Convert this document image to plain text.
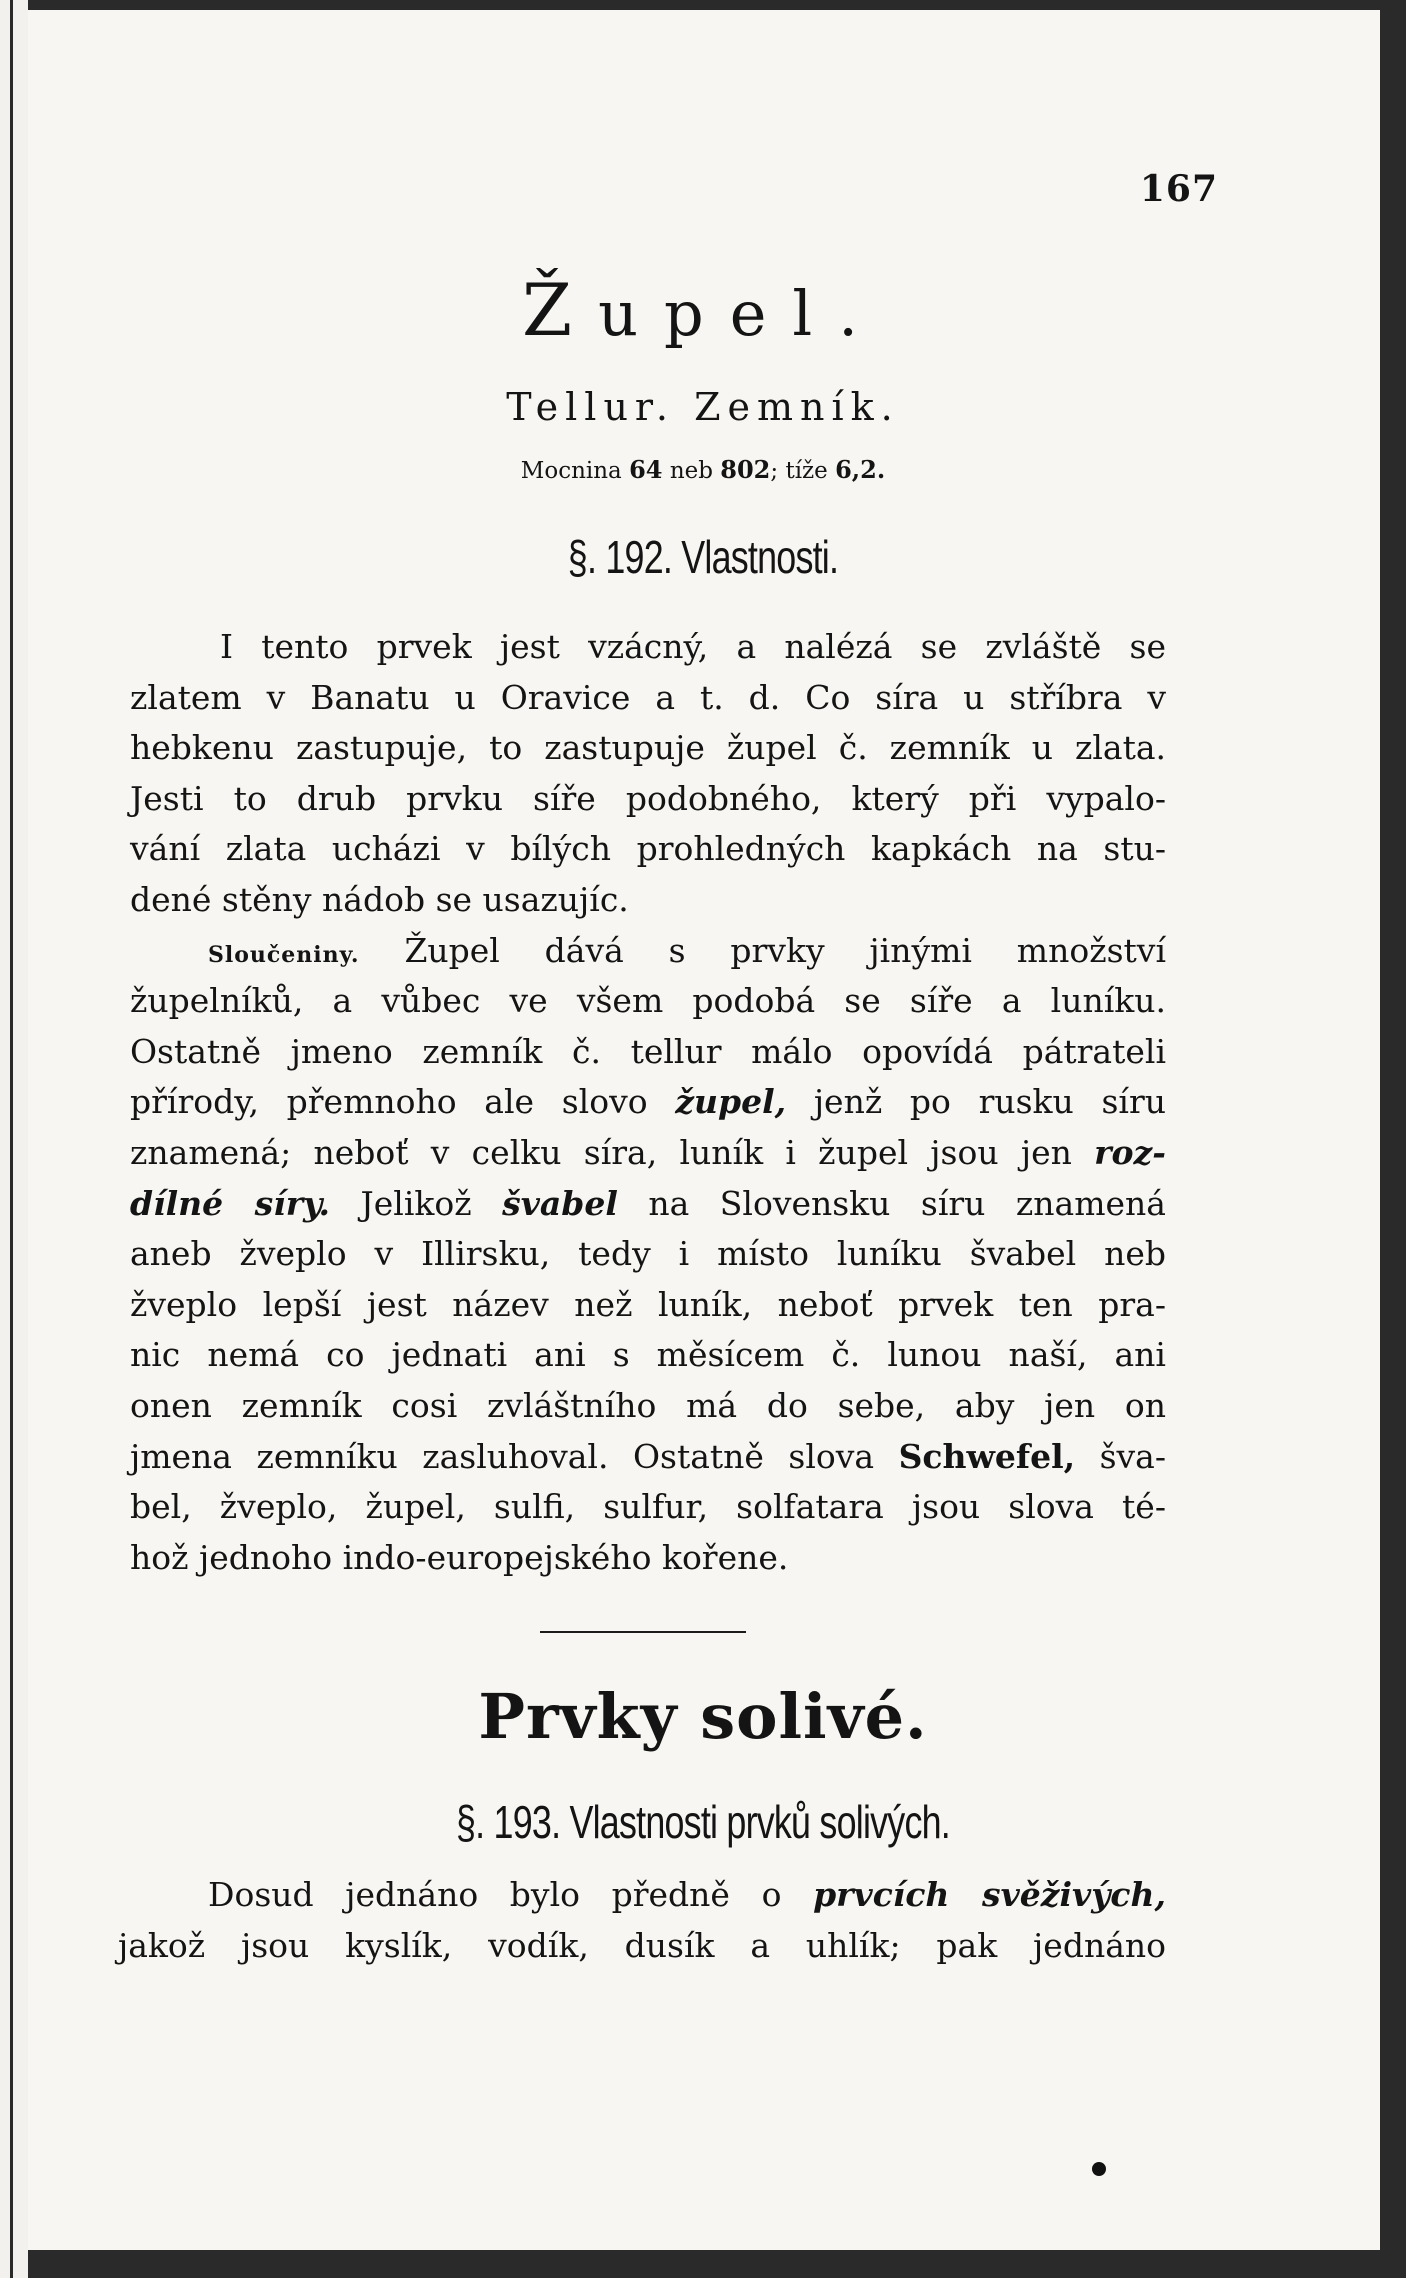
167
Župel.
Tellur. Zemník.
Mocnina 64 neb 802; tíže 6,2.
§. 192. Vlastnosti.
I tento prvek jest vzácný, a nalézá se zvláště se
zlatem v Banatu u Oravice a t. d. Co síra u stříbra v
hebkenu zastupuje, to zastupuje župel č. zemník u zlata.
Jesti to drub prvku síře podobného, který při vypalo-
vání zlata ucházi v bílých prohledných kapkách na stu-
dené stěny nádob se usazujíc.
Sloučeniny. Župel dává s prvky jinými množství
župelníků, a vůbec ve všem podobá se síře a luníku.
Ostatně jmeno zemník č. tellur málo opovídá pátrateli
přírody, přemnoho ale slovo župel, jenž po rusku síru
znamená; neboť v celku síra, luník i župel jsou jen roz-
dílné síry. Jelikož švabel na Slovensku síru znamená
aneb žveplo v Illirsku, tedy i místo luníku švabel neb
žveplo lepší jest název než luník, neboť prvek ten pra-
nic nemá co jednati ani s měsícem č. lunou naší, ani
onen zemník cosi zvláštního má do sebe, aby jen on
jmena zemníku zasluhoval. Ostatně slova Schwefel, šva-
bel, žveplo, župel, sulfi, sulfur, solfatara jsou slova té-
hož jednoho indo-europejského kořene.
Prvky solivé.
§. 193. Vlastnosti prvků solivých.
Dosud jednáno bylo předně o prvcích svěživých,
jakož jsou kyslík, vodík, dusík a uhlík; pak jednáno
